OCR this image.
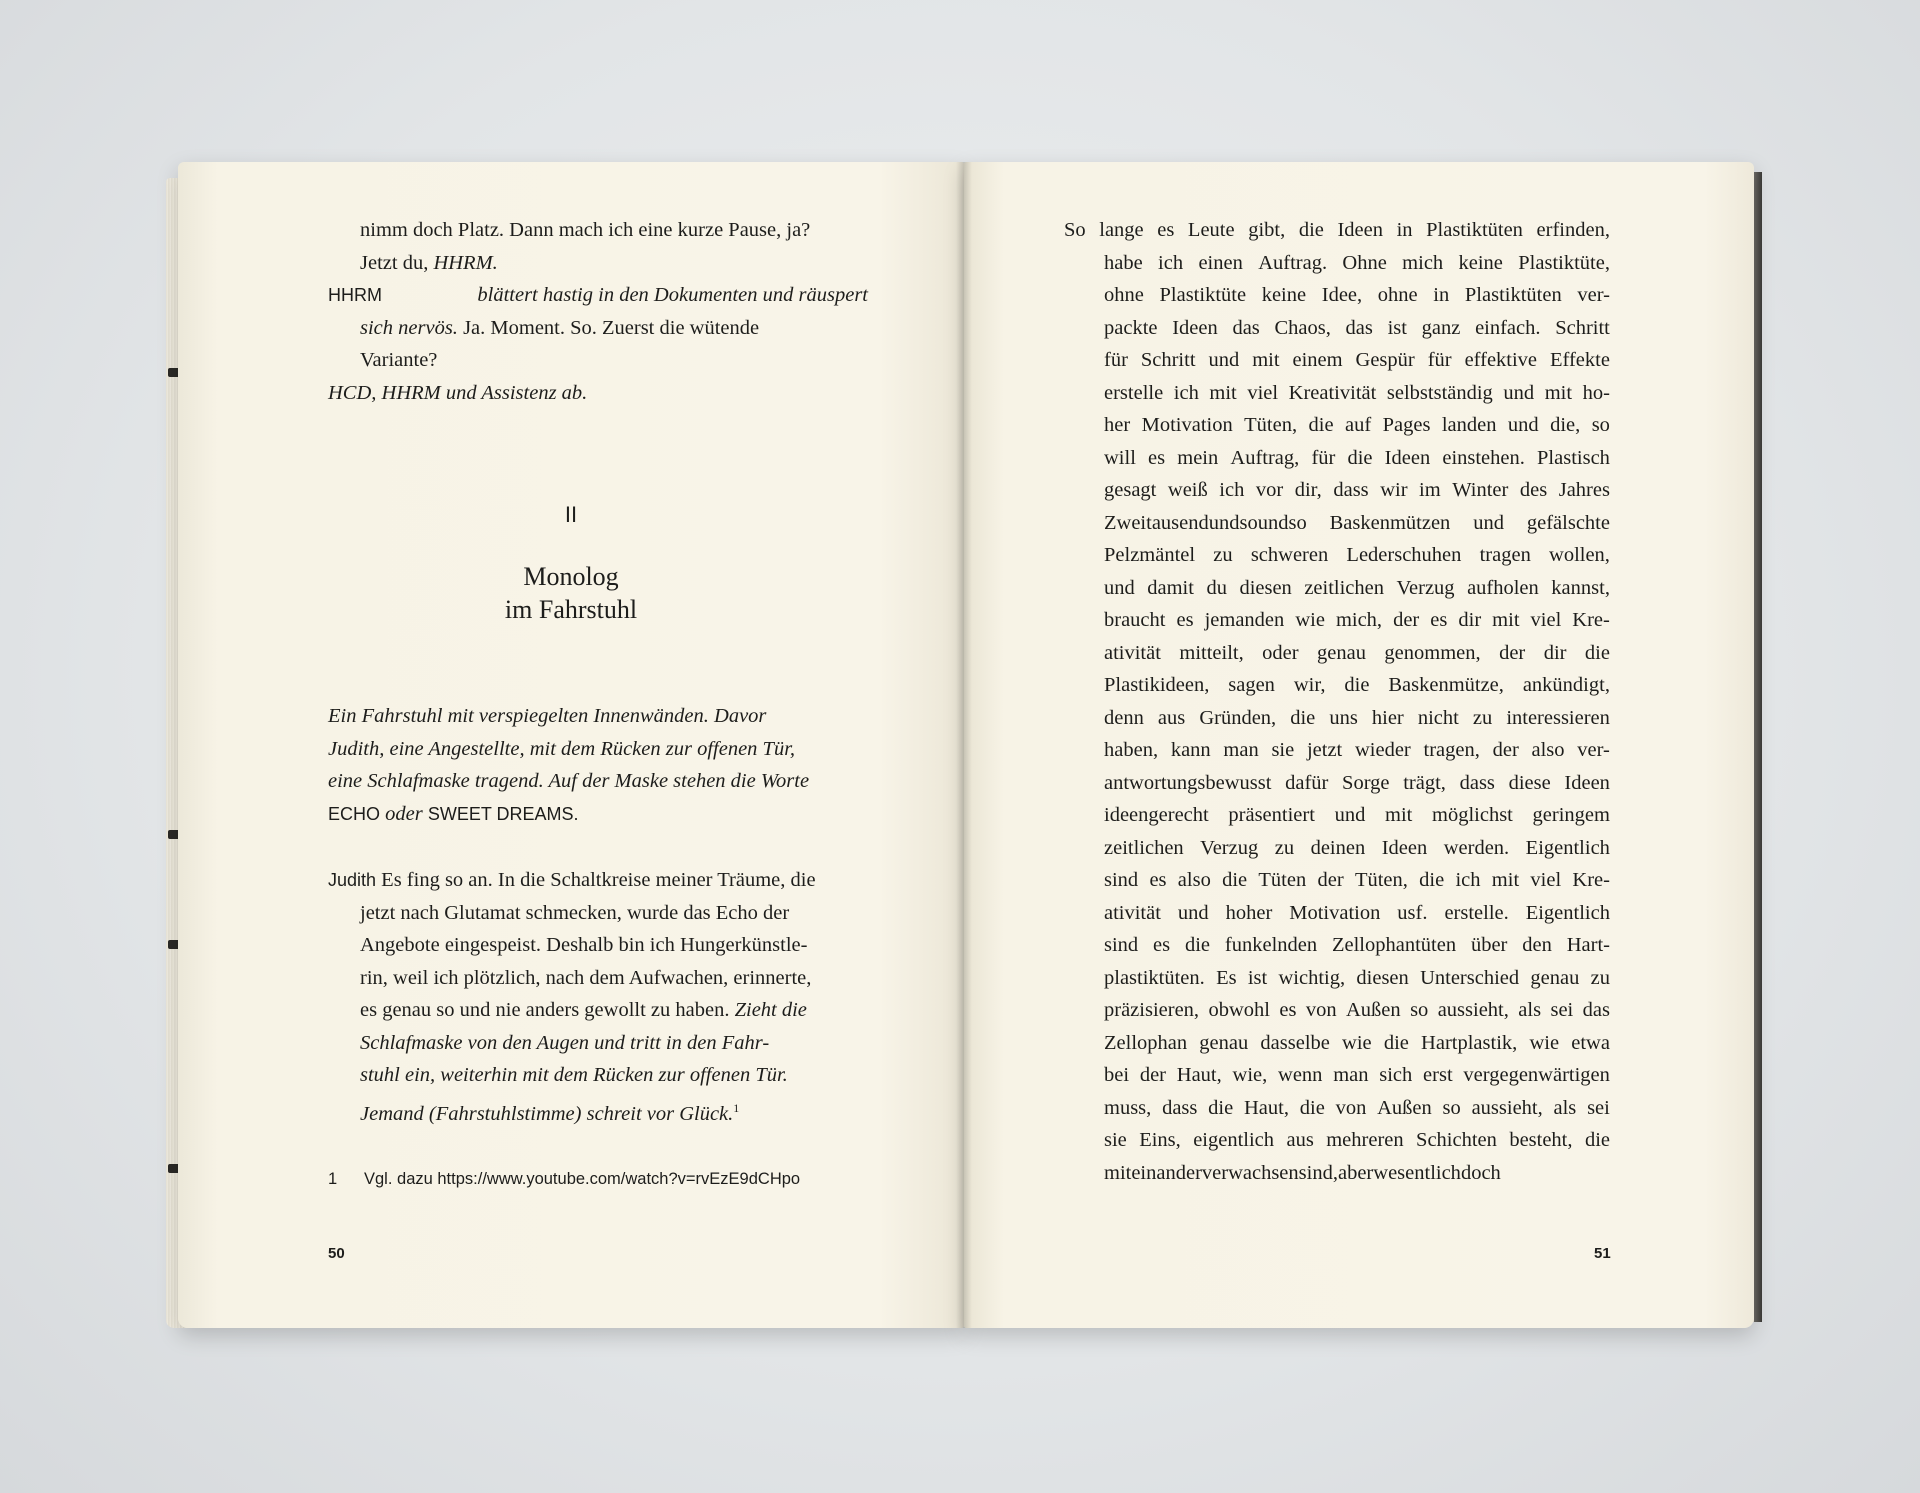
nimm doch Platz. Dann mach ich eine kurze Pause, ja?
Jetzt du, HHRM.
HHRM	blättert hastig in den Dokumenten und räuspert
sich nervös. Ja. Moment. So. Zuerst die wütende
Variante?
HCD, HHRM und Assistenz ab.
II
Monolog
im Fahrstuhl
Ein Fahrstuhl mit verspiegelten Innenwänden. Davor
Judith, eine Angestellte, mit dem Rücken zur offenen Tür,
eine Schlafmaske tragend. Auf der Maske stehen die Worte
ECHO oder SWEET DREAMS.
Judith Es fing so an. In die Schaltkreise meiner Träume, die
jetzt nach Glutamat schmecken, wurde das Echo der
Angebote eingespeist. Deshalb bin ich Hungerkünstle-
rin, weil ich plötzlich, nach dem Aufwachen, erinnerte,
es genau so und nie anders gewollt zu haben. Zieht die
Schlafmaske von den Augen und tritt in den Fahr-
stuhl ein, weiterhin mit dem Rücken zur offenen Tür.
Jemand (Fahrstuhlstimme) schreit vor Glück.$^1$
1 Vgl. dazu https://www.youtube.com/watch?v=rvEzE9dCHpo
50
So lange es Leute gibt, die Ideen in Plastiktüten erfinden,
habe ich einen Auftrag. Ohne mich keine Plastiktüte,
ohne Plastiktüte keine Idee, ohne in Plastiktüten ver-
packte Ideen das Chaos, das ist ganz einfach. Schritt
für Schritt und mit einem Gespür für effektive Effekte
erstelle ich mit viel Kreativität selbstständig und mit ho-
her Motivation Tüten, die auf Pages landen und die, so
will es mein Auftrag, für die Ideen einstehen. Plastisch
gesagt weiß ich vor dir, dass wir im Winter des Jahres
Zweitausendundsoundso Baskenmützen und gefälschte
Pelzmäntel zu schweren Lederschuhen tragen wollen,
und damit du diesen zeitlichen Verzug aufholen kannst,
braucht es jemanden wie mich, der es dir mit viel Kre-
ativität mitteilt, oder genau genommen, der dir die
Plastikideen, sagen wir, die Baskenmütze, ankündigt,
denn aus Gründen, die uns hier nicht zu interessieren
haben, kann man sie jetzt wieder tragen, der also ver-
antwortungsbewusst dafür Sorge trägt, dass diese Ideen
ideengerecht präsentiert und mit möglichst geringem
zeitlichen Verzug zu deinen Ideen werden. Eigentlich
sind es also die Tüten der Tüten, die ich mit viel Kre-
ativität und hoher Motivation usf. erstelle. Eigentlich
sind es die funkelnden Zellophantüten über den Hart-
plastiktüten. Es ist wichtig, diesen Unterschied genau zu
präzisieren, obwohl es von Außen so aussieht, als sei das
Zellophan genau dasselbe wie die Hartplastik, wie etwa
bei der Haut, wie, wenn man sich erst vergegenwärtigen
muss, dass die Haut, die von Außen so aussieht, als sei
sie Eins, eigentlich aus mehreren Schichten besteht, die
miteinander verwachsen sind, aber wesentlich doch
51
